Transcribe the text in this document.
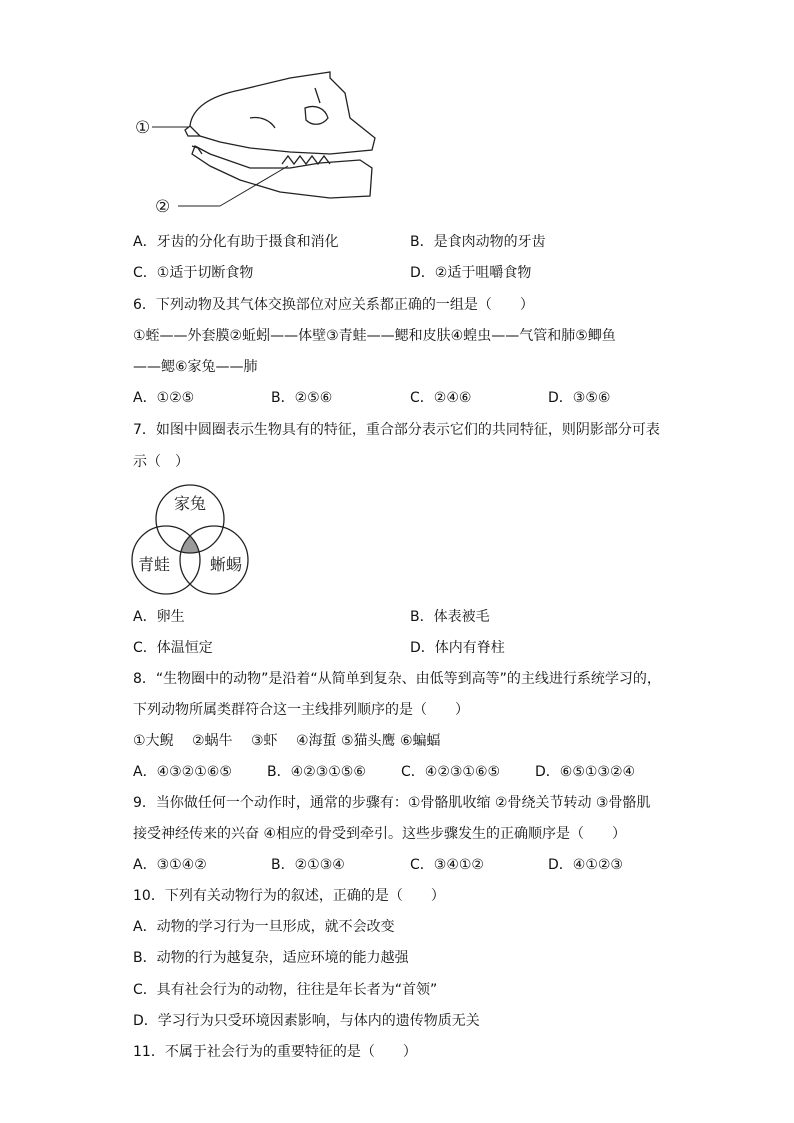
①
②
A．牙齿的分化有助于摄食和消化	B．是食肉动物的牙齿
C．①适于切断食物	D．②适于咀嚼食物
6．下列动物及其气体交换部位对应关系都正确的一组是（　　）
①蛭——外套膜②蚯蚓——体壁③青蛙——鳃和皮肤④蝗虫——气管和肺⑤鲫鱼
——鳃⑥家兔——肺
A．①②⑤	B．②⑤⑥	C．②④⑥	D．③⑤⑥
7．如图中圆圈表示生物具有的特征，重合部分表示它们的共同特征，则阴影部分可表
示（　）
家兔
青蛙 蜥蜴
A．卵生	B．体表被毛
C．体温恒定	D．体内有脊柱
8．“生物圈中的动物”是沿着“从简单到复杂、由低等到高等”的主线进行系统学习的，
下列动物所属类群符合这一主线排列顺序的是（　　）
①大鲵　 ②蜗牛　 ③虾　 ④海蜇 ⑤猫头鹰 ⑥蝙蝠
A．④③②①⑥⑤	B．④②③①⑤⑥	C．④②③①⑥⑤ D．⑥⑤①③②④
9．当你做任何一个动作时，通常的步骤有：①骨骼肌收缩 ②骨绕关节转动 ③骨骼肌
接受神经传来的兴奋 ④相应的骨受到牵引。这些步骤发生的正确顺序是（　　）
A．③①④②	B．②①③④	C．③④①②	D．④①②③
10．下列有关动物行为的叙述，正确的是（　　）
A．动物的学习行为一旦形成，就不会改变
B．动物的行为越复杂，适应环境的能力越强
C．具有社会行为的动物，往往是年长者为“首领”
D．学习行为只受环境因素影响，与体内的遗传物质无关
11．不属于社会行为的重要特征的是（　　）
